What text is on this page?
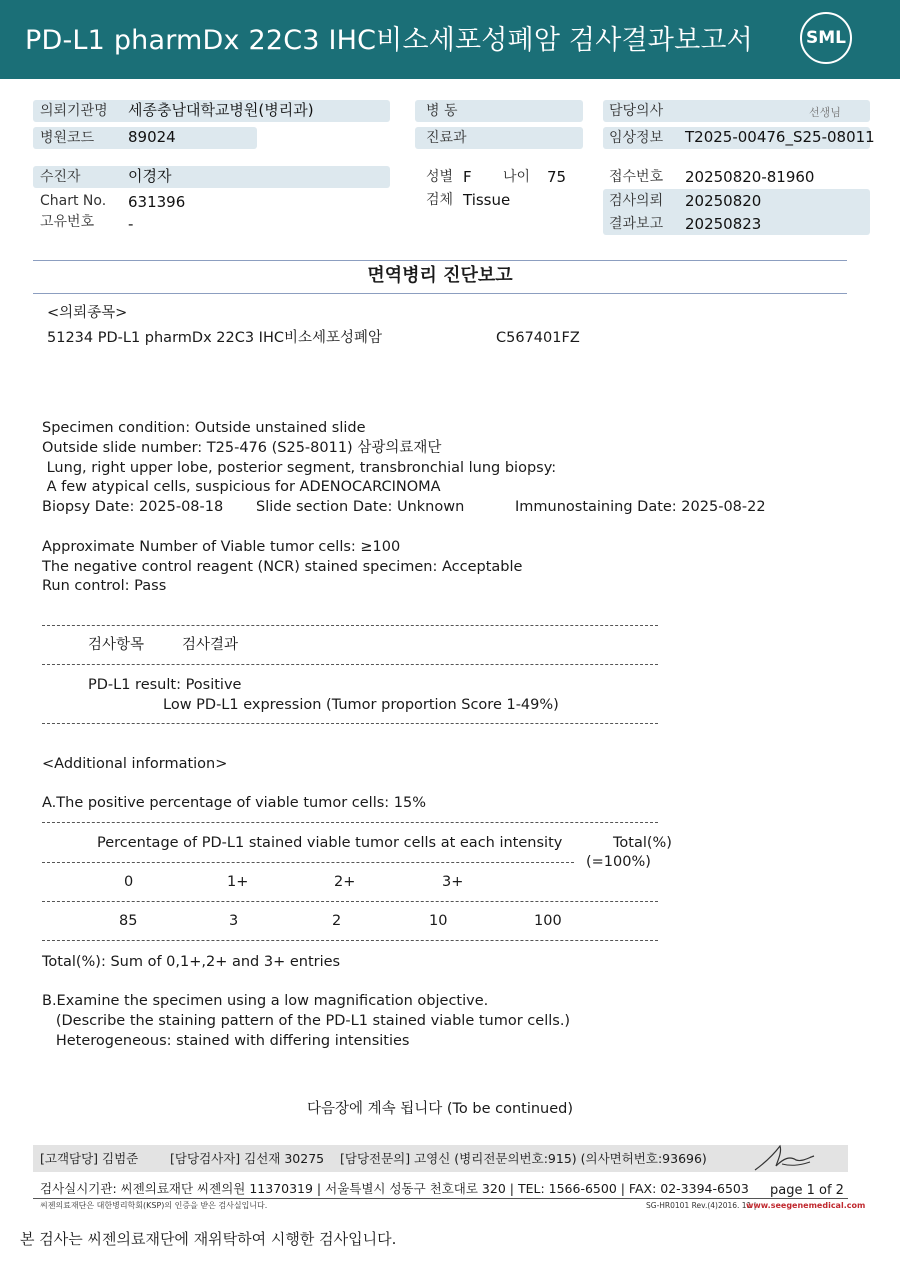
PD-L1 pharmDx 22C3 IHC비소세포성폐암 검사결과보고서	SML
의뢰기관명 세종충남대학교병원(병리과)
병원코드 89024
병 동
진료과
담당의사	선생님
임상정보 T2025-00476_S25-08011
수진자	이경자
Chart No. 631396
고유번호 -
성별 F 나이 75
검체 Tissue
접수번호 20250820-81960
검사의뢰 20250820
결과보고 20250823
면역병리 진단보고
<의뢰종목>
51234 PD-L1 pharmDx 22C3 IHC비소세포성폐암	C567401FZ
Specimen condition: Outside unstained slide
Outside slide number: T25-476 (S25-8011) 삼광의료재단
Lung, right upper lobe, posterior segment, transbronchial lung biopsy:
A few atypical cells, suspicious for ADENOCARCINOMA
Biopsy Date: 2025-08-18 Slide section Date: Unknown	Immunostaining Date: 2025-08-22
Approximate Number of Viable tumor cells: ≥100
The negative control reagent (NCR) stained specimen: Acceptable
Run control: Pass
검사항목	검사결과
PD-L1 result: Positive
Low PD-L1 expression (Tumor proportion Score 1-49%)
<Additional information>
A.The positive percentage of viable tumor cells: 15%
Percentage of PD-L1 stained viable tumor cells at each intensity	Total(%)
(=100%)
0	1+	2+	3+
85	3	2	10	100
Total(%): Sum of 0,1+,2+ and 3+ entries
B.Examine the specimen using a low magnification objective.
(Describe the staining pattern of the PD-L1 stained viable tumor cells.)
Heterogeneous: stained with differing intensities
다음장에 계속 됩니다 (To be continued)
[고객담당] 김범준        [담당검사자] 김선재 30275    [담당전문의] 고영신 (병리전문의번호:915) (의사면허번호:93696)
검사실시기관: 씨젠의료재단 씨젠의원 11370319 | 서울특별시 성동구 천호대로 320 | TEL: 1566-6500 | FAX: 02-3394-6503 page 1 of 2
씨젠의료재단은 대한병리학회(KSP)의 인증을 받은 검사실입니다.	SG-HR0101 Rev.(4)2016. 11 |
www.seegenemedical.com
본 검사는 씨젠의료재단에 재위탁하여 시행한 검사입니다.
